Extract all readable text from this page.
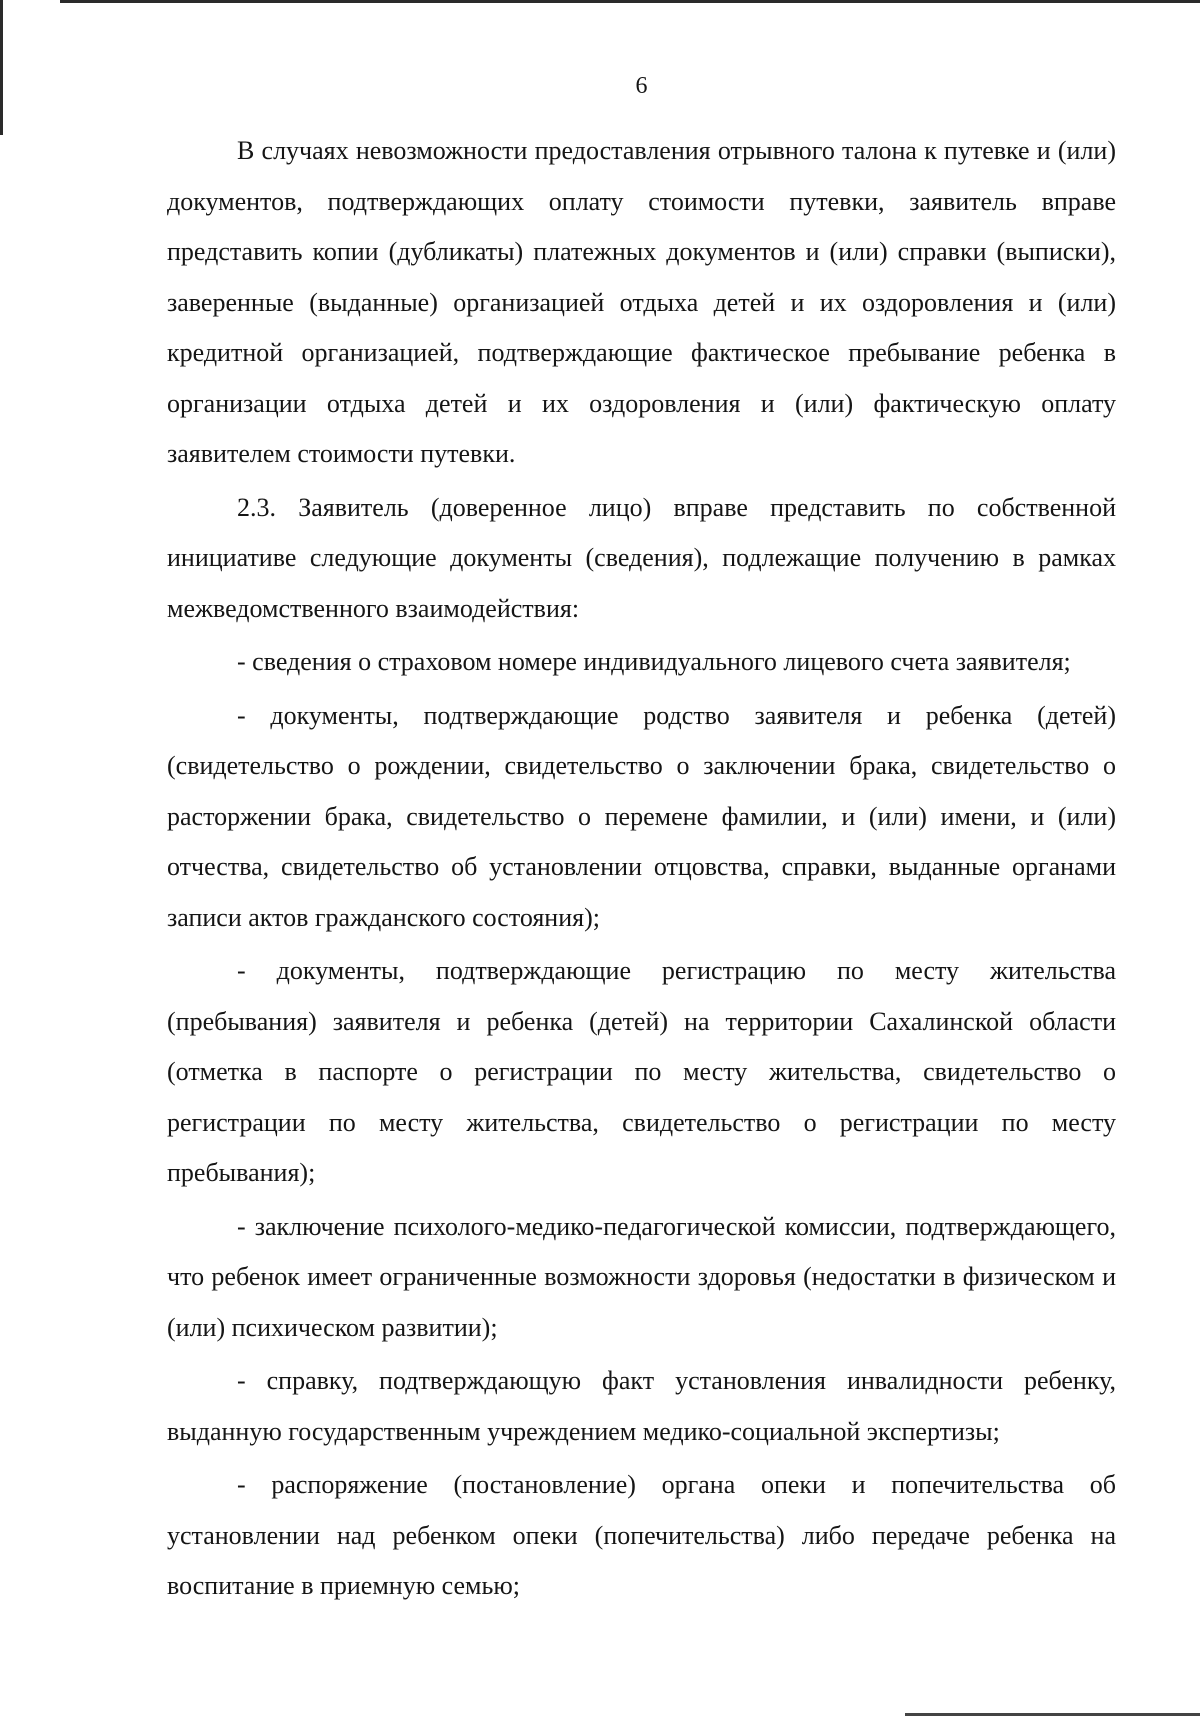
6

В случаях невозможности предоставления отрывного талона к путевке и (или) документов, подтверждающих оплату стоимости путевки, заявитель вправе представить копии (дубликаты) платежных документов и (или) справки (выписки), заверенные (выданные) организацией отдыха детей и их оздоровления и (или) кредитной организацией, подтверждающие фактическое пребывание ребенка в организации отдыха детей и их оздоровления и (или) фактическую оплату заявителем стоимости путевки.

2.3. Заявитель (доверенное лицо) вправе представить по собственной инициативе следующие документы (сведения), подлежащие получению в рамках межведомственного взаимодействия:

- сведения о страховом номере индивидуального лицевого счета заявителя;

- документы, подтверждающие родство заявителя и ребенка (детей) (свидетельство о рождении, свидетельство о заключении брака, свидетельство о расторжении брака, свидетельство о перемене фамилии, и (или) имени, и (или) отчества, свидетельство об установлении отцовства, справки, выданные органами записи актов гражданского состояния);

- документы, подтверждающие регистрацию по месту жительства (пребывания) заявителя и ребенка (детей) на территории Сахалинской области (отметка в паспорте о регистрации по месту жительства, свидетельство о регистрации по месту жительства, свидетельство о регистрации по месту пребывания);

- заключение психолого-медико-педагогической комиссии, подтверждающего, что ребенок имеет ограниченные возможности здоровья (недостатки в физическом и (или) психическом развитии);

- справку, подтверждающую факт установления инвалидности ребенку, выданную государственным учреждением медико-социальной экспертизы;

- распоряжение (постановление) органа опеки и попечительства об установлении над ребенком опеки (попечительства) либо передаче ребенка на воспитание в приемную семью;
